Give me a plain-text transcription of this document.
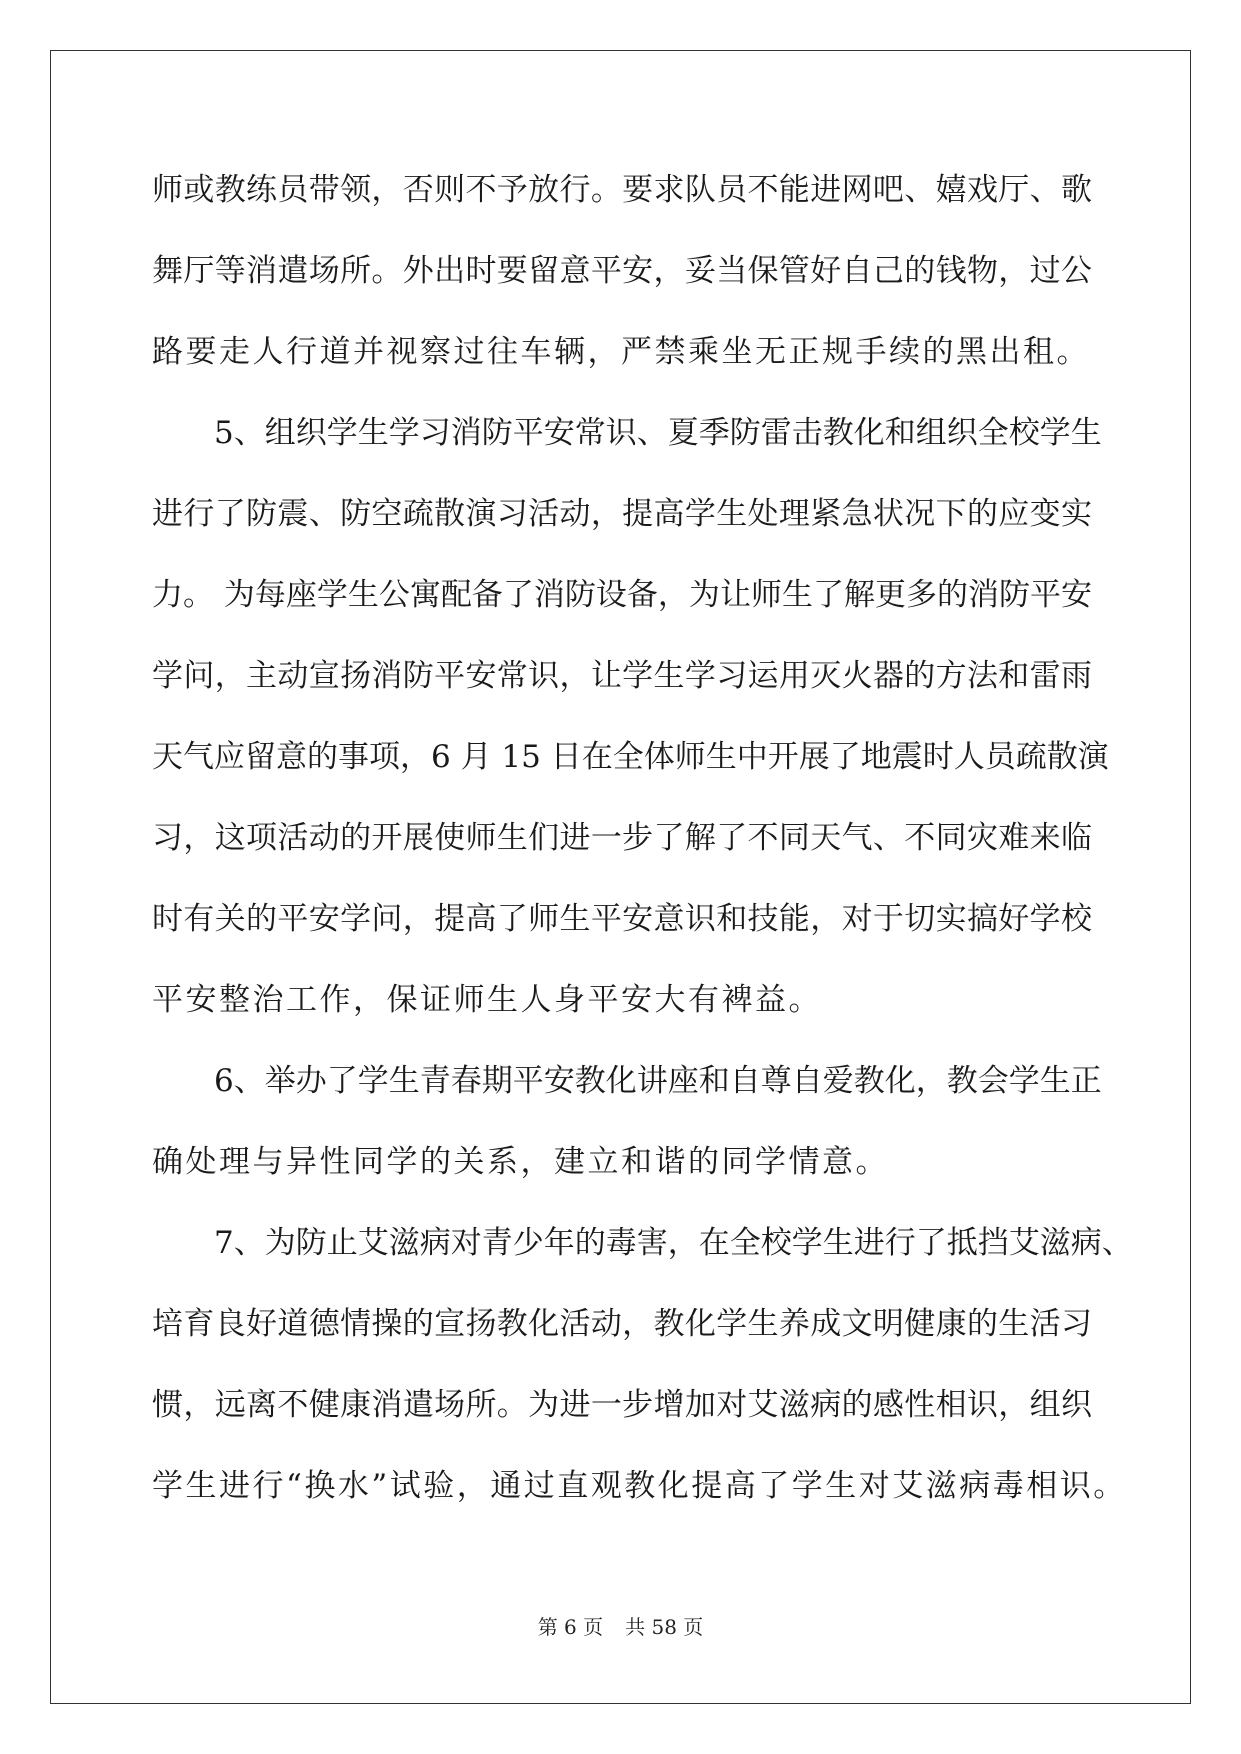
师或教练员带领，否则不予放行。要求队员不能进网吧、嬉戏厅、歌
舞厅等消遣场所。外出时要留意平安，妥当保管好自己的钱物，过公
路要走人行道并视察过往车辆，严禁乘坐无正规手续的黑出租。
　　5、组织学生学习消防平安常识、夏季防雷击教化和组织全校学生
进行了防震、防空疏散演习活动，提高学生处理紧急状况下的应变实
力。 为每座学生公寓配备了消防设备，为让师生了解更多的消防平安
学问，主动宣扬消防平安常识，让学生学习运用灭火器的方法和雷雨
天气应留意的事项，6 月 15 日在全体师生中开展了地震时人员疏散演
习，这项活动的开展使师生们进一步了解了不同天气、不同灾难来临
时有关的平安学问，提高了师生平安意识和技能，对于切实搞好学校
平安整治工作，保证师生人身平安大有裨益。
　　6、举办了学生青春期平安教化讲座和自尊自爱教化，教会学生正
确处理与异性同学的关系，建立和谐的同学情意。
　　7、为防止艾滋病对青少年的毒害，在全校学生进行了抵挡艾滋病、
培育良好道德情操的宣扬教化活动，教化学生养成文明健康的生活习
惯，远离不健康消遣场所。为进一步增加对艾滋病的感性相识，组织
学生进行“换水”试验，通过直观教化提高了学生对艾滋病毒相识。
第 6 页 共 58 页
